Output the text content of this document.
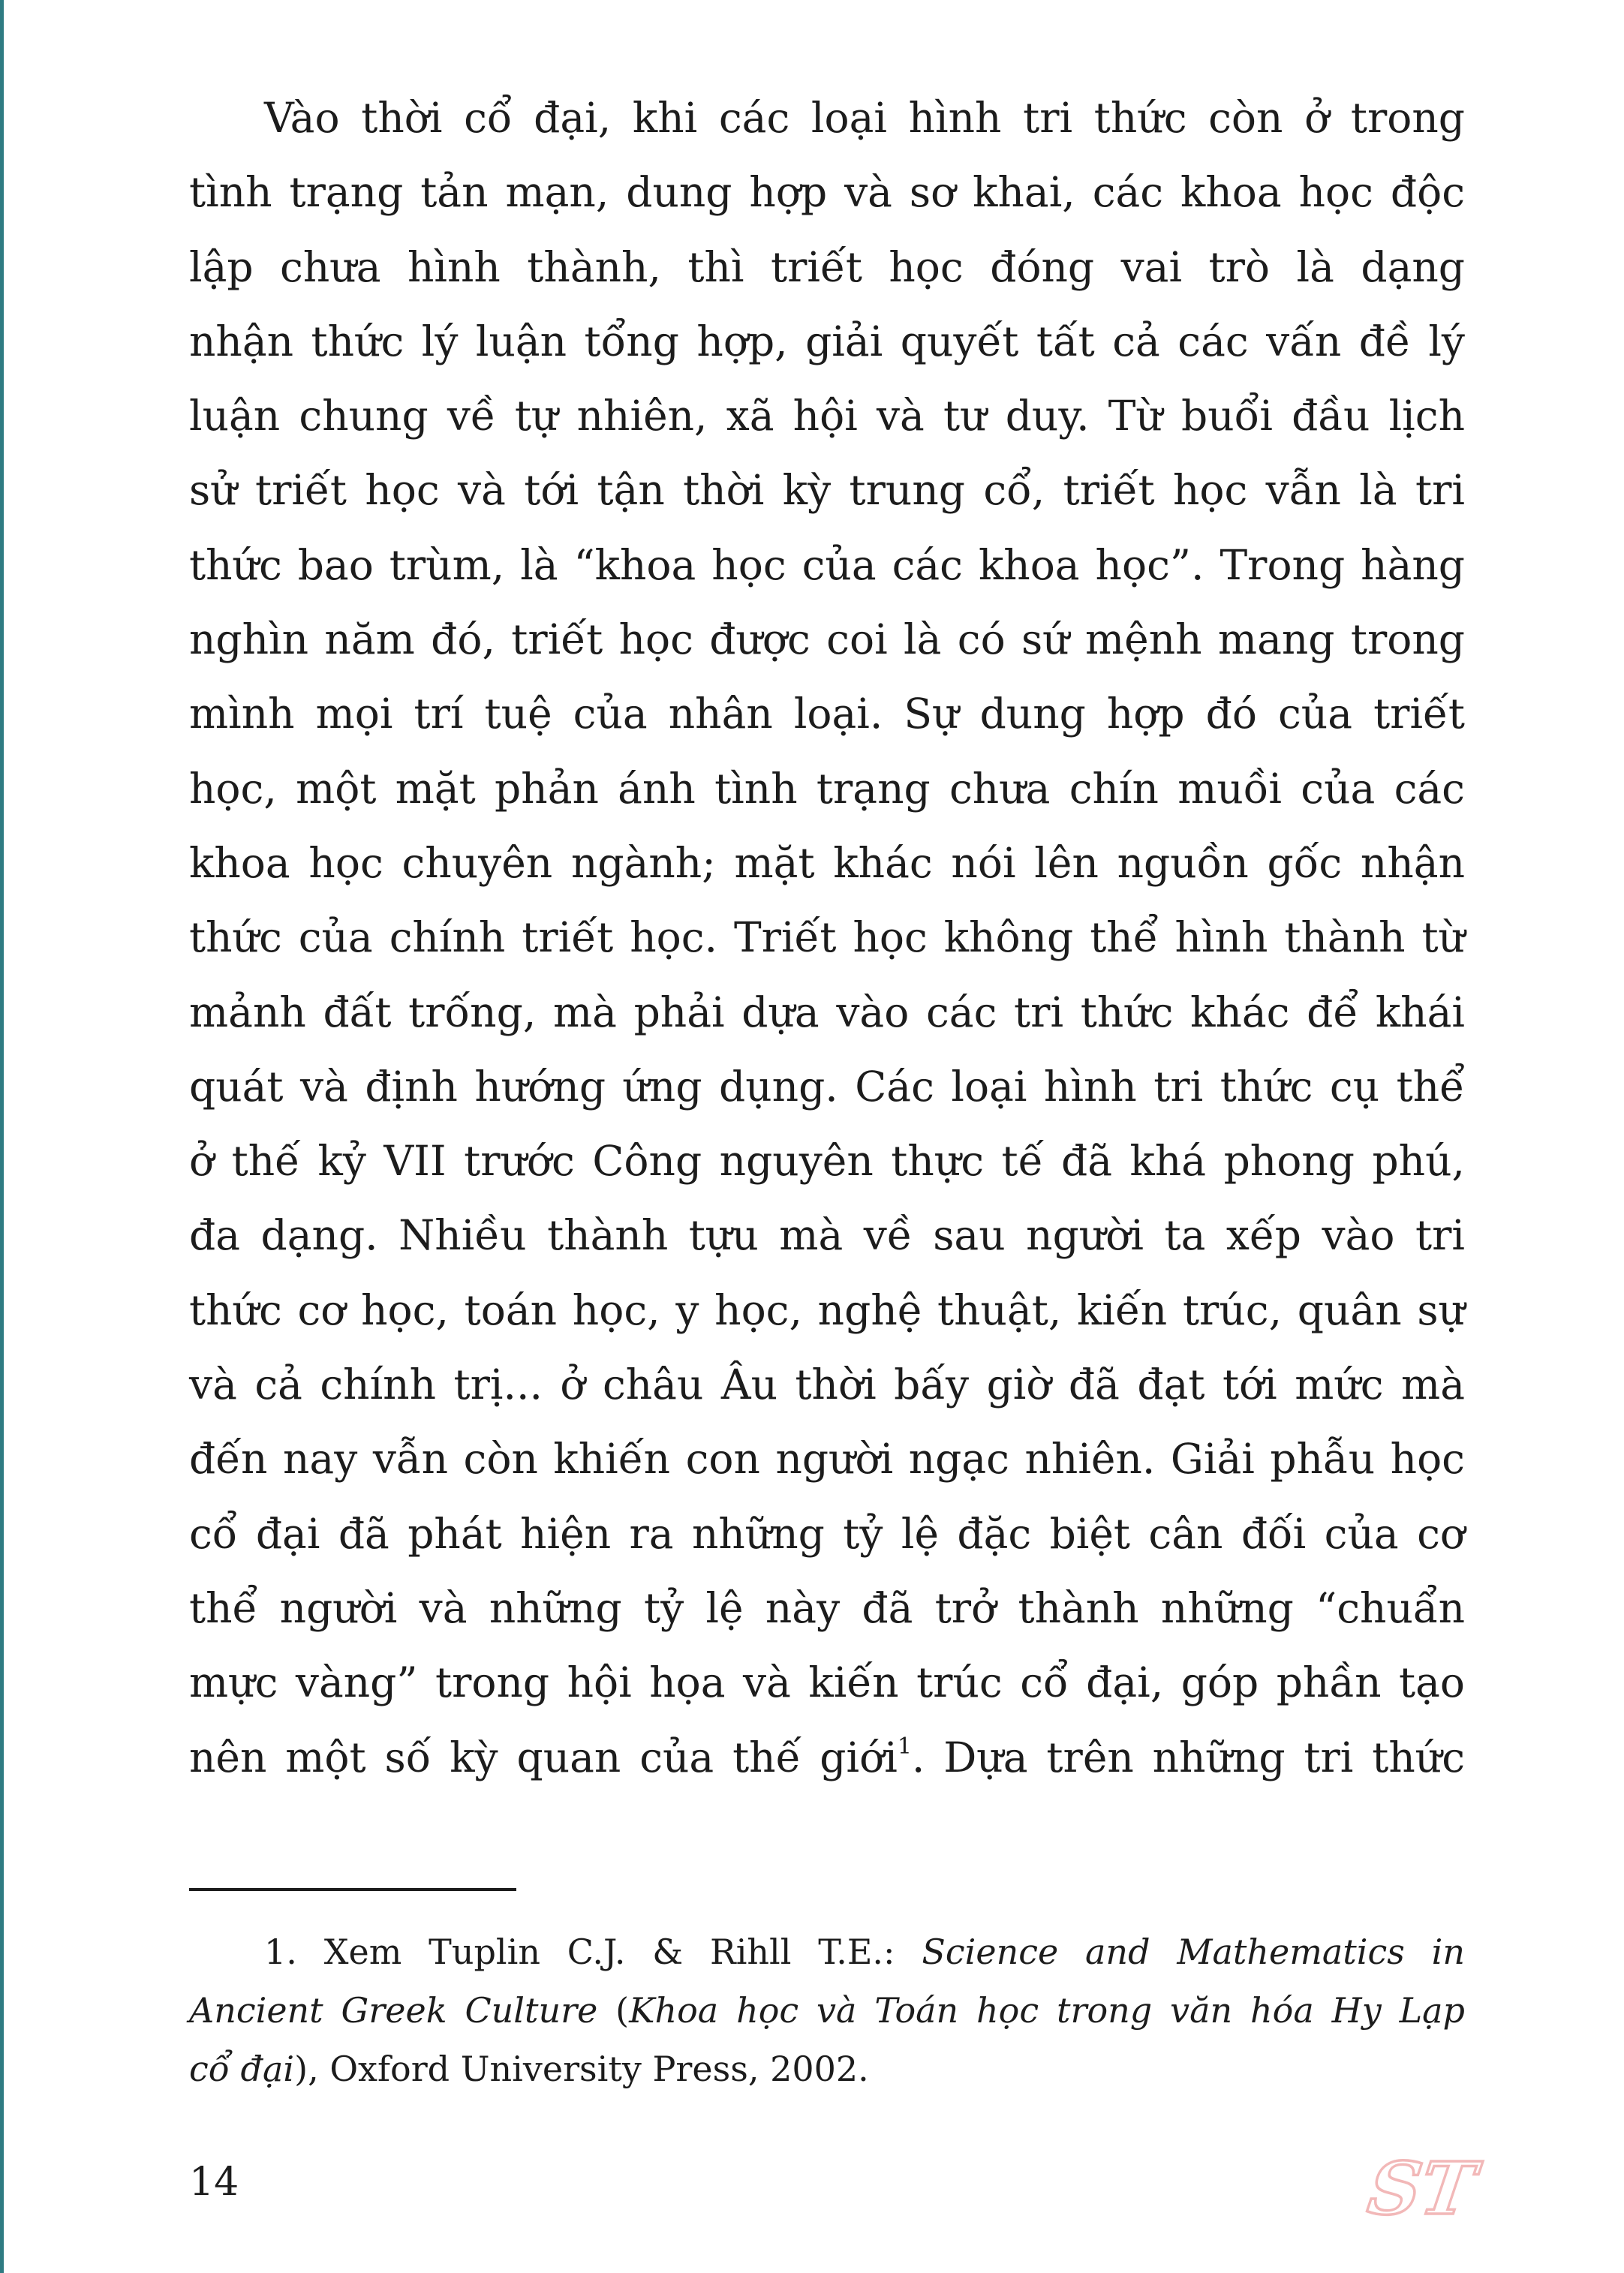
Vào thời cổ đại, khi các loại hình tri thức còn ở trong
tình trạng tản mạn, dung hợp và sơ khai, các khoa học độc
lập chưa hình thành, thì triết học đóng vai trò là dạng
nhận thức lý luận tổng hợp, giải quyết tất cả các vấn đề lý
luận chung về tự nhiên, xã hội và tư duy. Từ buổi đầu lịch
sử triết học và tới tận thời kỳ trung cổ, triết học vẫn là tri
thức bao trùm, là “khoa học của các khoa học”. Trong hàng
nghìn năm đó, triết học được coi là có sứ mệnh mang trong
mình mọi trí tuệ của nhân loại. Sự dung hợp đó của triết
học, một mặt phản ánh tình trạng chưa chín muồi của các
khoa học chuyên ngành; mặt khác nói lên nguồn gốc nhận
thức của chính triết học. Triết học không thể hình thành từ
mảnh đất trống, mà phải dựa vào các tri thức khác để khái
quát và định hướng ứng dụng. Các loại hình tri thức cụ thể
ở thế kỷ VII trước Công nguyên thực tế đã khá phong phú,
đa dạng. Nhiều thành tựu mà về sau người ta xếp vào tri
thức cơ học, toán học, y học, nghệ thuật, kiến trúc, quân sự
và cả chính trị... ở châu Âu thời bấy giờ đã đạt tới mức mà
đến nay vẫn còn khiến con người ngạc nhiên. Giải phẫu học
cổ đại đã phát hiện ra những tỷ lệ đặc biệt cân đối của cơ
thể người và những tỷ lệ này đã trở thành những “chuẩn
mực vàng” trong hội họa và kiến trúc cổ đại, góp phần tạo
nên một số kỳ quan của thế giới$^1$. Dựa trên những tri thức
1. Xem Tuplin C.J. & Rihll T.E.: Science and Mathematics in
Ancient Greek Culture (Khoa học và Toán học trong văn hóa Hy Lạp
cổ đại), Oxford University Press, 2002.
14	ST
